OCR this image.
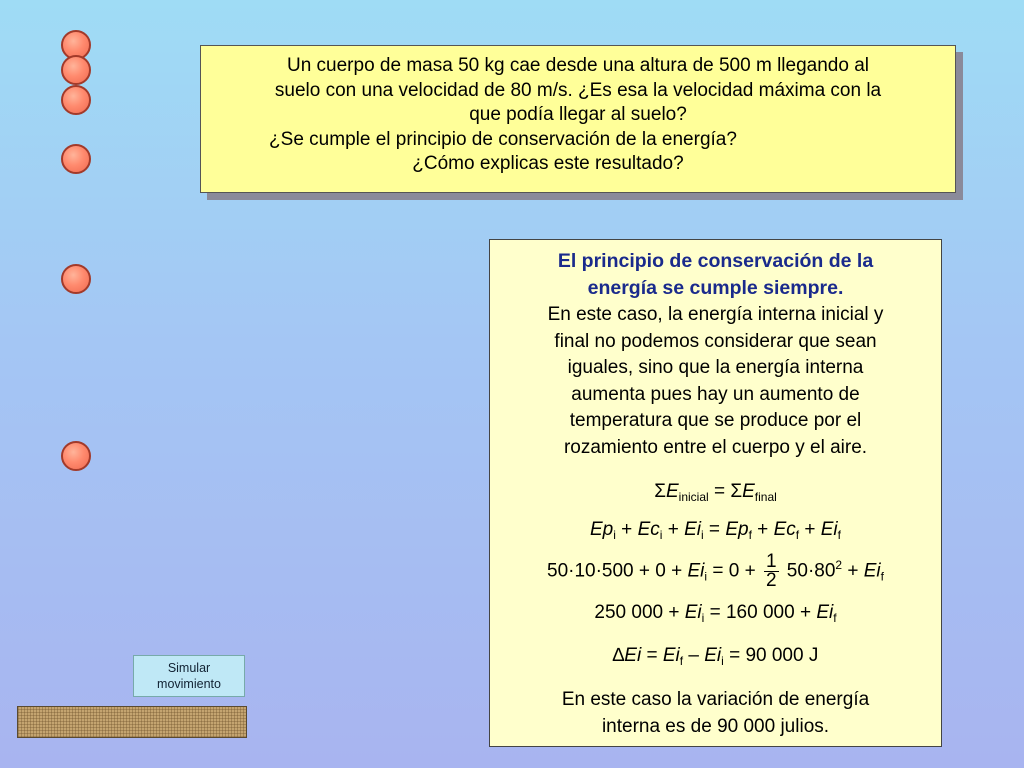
Un cuerpo de masa 50 kg cae desde una altura de 500 m llegando al
suelo con una velocidad de 80 m/s. ¿Es esa la velocidad máxima con la
que podía llegar al suelo?
¿Se cumple el principio de conservación de la energía?
¿Cómo explicas este resultado?
El principio de conservación de la
energía se cumple siempre.
En este caso, la energía interna inicial y
final no podemos considerar que sean
iguales, sino que la energía interna
aumenta pues hay un aumento de
temperatura que se produce por el
rozamiento entre el cuerpo y el aire.
$\Sigma E_{inicial} = \Sigma E_{final}$
$Ep_i + Ec_i + Ei_i = Ep_f + Ec_f + Ei_f$
$50\cdot 10\cdot 500 + 0 + Ei_i = 0 + \frac{1}{2} 50\cdot 80^2 + Ei_f$
250 $000 + Ei_i = 160$ $000 + Ei_f$
$\Delta Ei = Ei_f - Ei_i = 90$ 000 J
En este caso la variación de energía
interna es de 90 000 julios.
Simular
movimiento
